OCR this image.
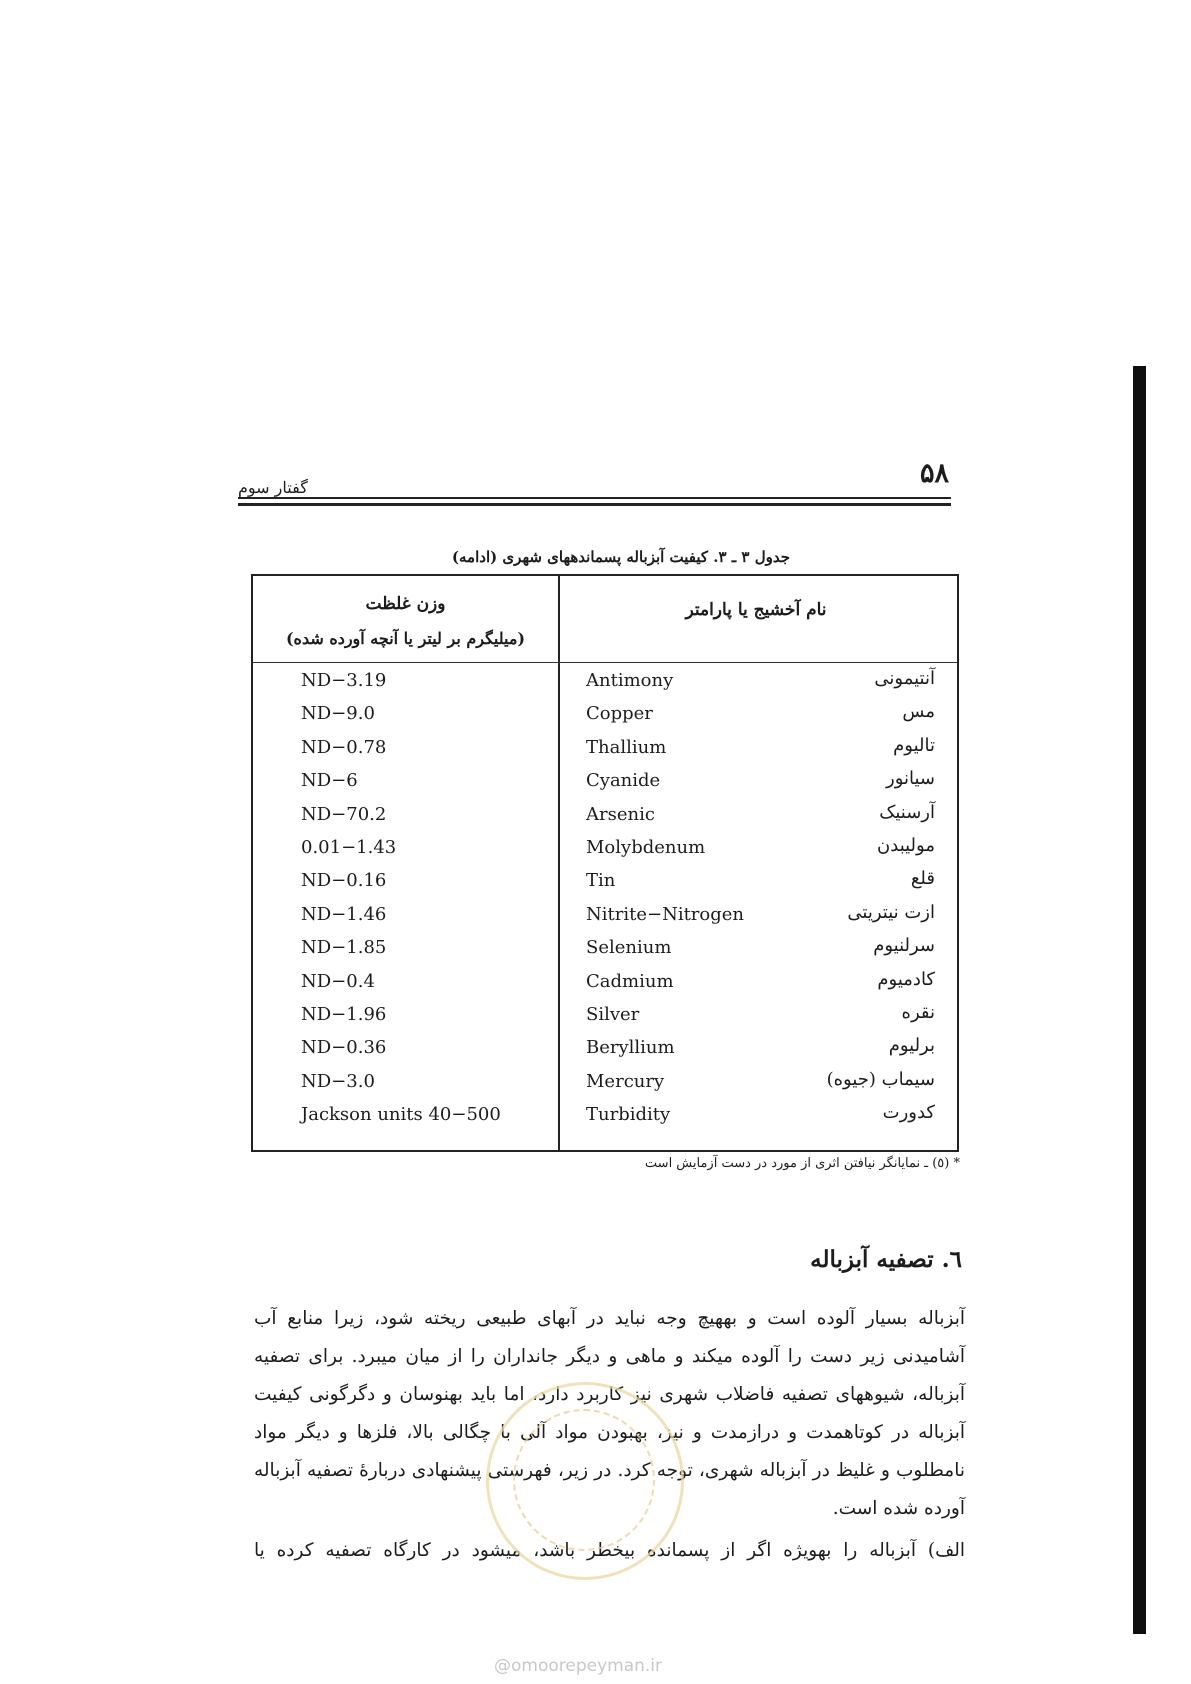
۵۸
گفتار سوم
جدول ۳ ـ ۳. کیفیت آبزباله پسماندههای شهری (ادامه)
نام آخشیج یا پارامتر
وزن غلظت
(میلیگرم بر لیتر یا آنچه آورده شده)
آنتیمونی
Antimony
ND−3.19
مس
Copper
ND−9.0
تالیوم
Thallium
ND−0.78
سیانور
Cyanide
ND−6
آرسنیک
Arsenic
ND−70.2
مولیبدن
Molybdenum
0.01−1.43
قلع
Tin
ND−0.16
ازت نیتریتی
Nitrite−Nitrogen
ND−1.46
سرلنیوم
Selenium
ND−1.85
کادمیوم
Cadmium
ND−0.4
نقره
Silver
ND−1.96
برلیوم
Beryllium
ND−0.36
سیماب (جیوه)
Mercury
ND−3.0
کدورت
Turbidity
Jackson units 40−500
* (٥) ـ نمایانگر نیافتن اثری از مورد در دست آزمایش است
٦. تصفیه آبزباله
آبزباله بسیار آلوده است و بههیچ وجه نباید در آبهای طبیعی ریخته شود، زیرا منابع آب آشامیدنی زیر دست را آلوده میکند و ماهی و دیگر جانداران را از میان میبرد. برای تصفیه آبزباله، شیوههای تصفیه فاضلاب شهری نیز کاربرد دارد، اما باید بهنوسان و دگرگونی کیفیت آبزباله در کوتاهمدت و درازمدت و نیز، بهبودن مواد آلی با چگالی بالا، فلزها و دیگر مواد نامطلوب و غلیظ در آبزباله شهری، توجه کرد. در زیر، فهرستی پیشنهادی دربارهٔ تصفیه آبزباله آورده شده است.
الف) آبزباله را بهویژه اگر از پسمانده بیخطر باشد، میشود در کارگاه تصفیه کرده یا
@omoorepeyman.ir
